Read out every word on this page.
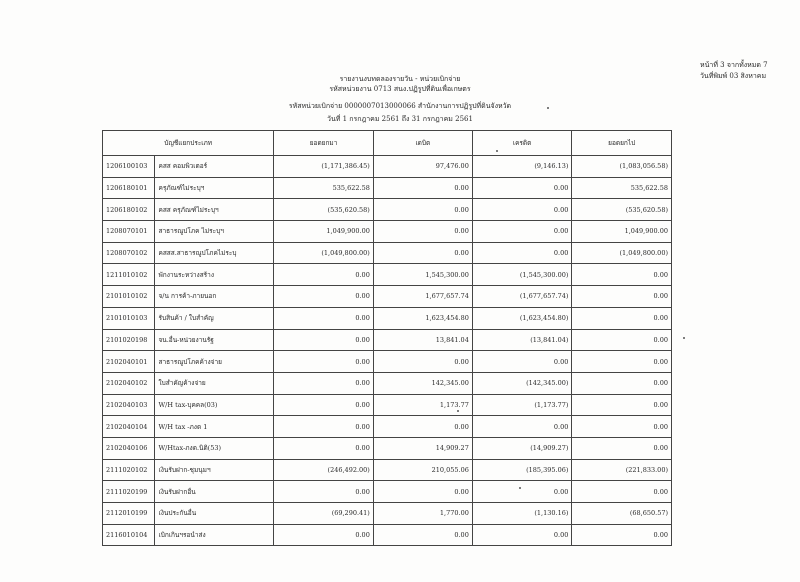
รายงานงบทดลองรายวัน - หน่วยเบิกจ่าย
รหัสหน่วยงาน 0713 สนง.ปฏิรูปที่ดินเพื่อเกษตร
รหัสหน่วยเบิกจ่าย 0000007013000066 สำนักงานการปฏิรูปที่ดินจังหวัด
วันที่ 1 กรกฎาคม 2561 ถึง 31 กรกฎาคม 2561
หน้าที่ 3 จากทั้งหมด 7
วันที่พิมพ์ 03 สิงหาคม
บัญชีแยกประเภท		ยอดยกมา	เดบิต	เครดิต	ยอดยกไป
1206100103	คสส คอมพิวเตอร์	(1,171,386.45)	97,476.00	(9,146.13)	(1,083,056.58)
1206180101	ครุภัณฑ์ไม่ระบุฯ	535,622.58	0.00	0.00	535,622.58
1206180102	คสส ครุภัณฑ์ไม่ระบุฯ	(535,620.58)	0.00	0.00	(535,620.58)
1208070101	สาธารณูปโภค ไม่ระบุฯ	1,049,900.00	0.00	0.00	1,049,900.00
1208070102	คสสส.สาธารณูปโภคไม่ระบุ	(1,049,800.00)	0.00	0.00	(1,049,800.00)
1211010102	พักงานระหว่างสร้าง	0.00	1,545,300.00	(1,545,300.00)	0.00
2101010102	จ/น การค้า-ภายนอก	0.00	1,677,657.74	(1,677,657.74)	0.00
2101010103	รับสินค้า / ใบสำคัญ	0.00	1,623,454.80	(1,623,454.80)	0.00
2101020198	จน.อื่น-หน่วยงานรัฐ	0.00	13,841.04	(13,841.04)	0.00
2102040101	สาธารณูปโภคค้างจ่าย	0.00	0.00	0.00	0.00
2102040102	ใบสำคัญค้างจ่าย	0.00	142,345.00	(142,345.00)	0.00
2102040103	W/H tax-บุคคล(03)	0.00	1,173.77	(1,173.77)	0.00
2102040104	W/H tax -ภงด 1	0.00	0.00	0.00	0.00
2102040106	W/Htax-ภงด.นิติ(53)	0.00	14,909.27	(14,909.27)	0.00
2111020102	เงินรับฝาก-ชุมนุมฯ	(246,492.00)	210,055.06	(185,395.06)	(221,833.00)
2111020199	เงินรับฝากอื่น	0.00	0.00	0.00	0.00
2112010199	เงินประกันอื่น	(69,290.41)	1,770.00	(1,130.16)	(68,650.57)
2116010104	เบิกเกินฯรอนำส่ง	0.00	0.00	0.00	0.00
